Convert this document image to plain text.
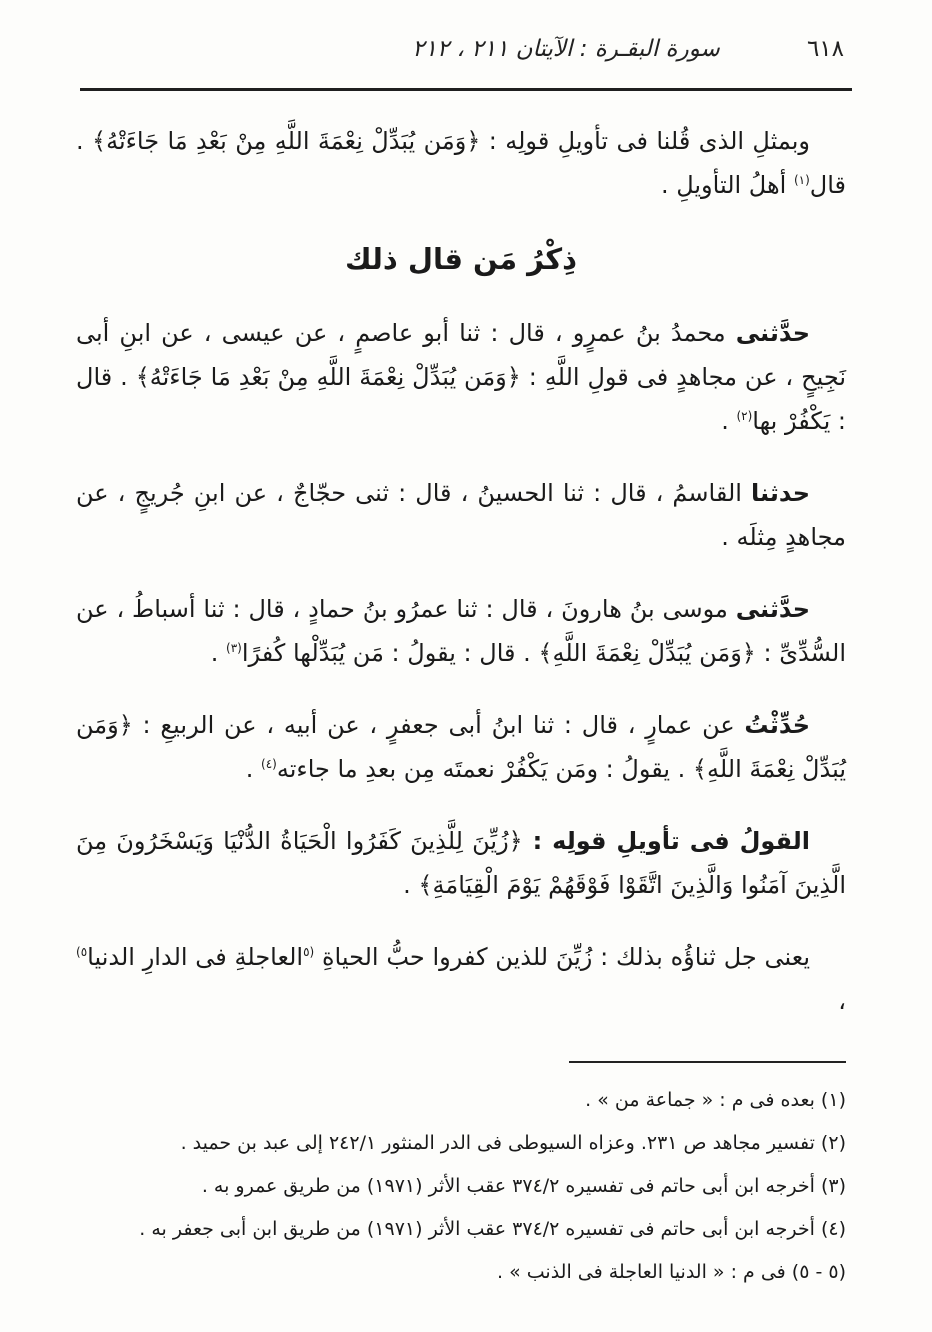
سورة البقـرة : الآيتان ٢١١ ، ٢١٢	٦١٨

وبمثلِ الذى قُلنا فى تأويلِ قولِه : ﴿وَمَن يُبَدِّلْ نِعْمَةَ اللَّهِ مِنْ بَعْدِ مَا جَاءَتْهُ﴾ . قال$^{(١)}$ أهلُ التأويلِ .

ذِكْرُ مَن قال ذلك

حدَّثنى محمدُ بنُ عمرٍو ، قال : ثنا أبو عاصمٍ ، عن عيسى ، عن ابنِ أبى نَجِيحٍ ، عن مجاهدٍ فى قولِ اللَّهِ : ﴿وَمَن يُبَدِّلْ نِعْمَةَ اللَّهِ مِنْ بَعْدِ مَا جَاءَتْهُ﴾ . قال : يَكْفُرْ بها$^{(٢)}$ .

حدثنا القاسمُ ، قال : ثنا الحسينُ ، قال : ثنى حجّاجٌ ، عن ابنِ جُريجٍ ، عن مجاهدٍ مِثلَه .

حدَّثنى موسى بنُ هارونَ ، قال : ثنا عمرُو بنُ حمادٍ ، قال : ثنا أسباطُ ، عن السُّدِّىِّ : ﴿وَمَن يُبَدِّلْ نِعْمَةَ اللَّهِ﴾ . قال : يقولُ : مَن يُبَدِّلْها كُفرًا$^{(٣)}$ .

حُدِّثْتُ عن عمارٍ ، قال : ثنا ابنُ أبى جعفرٍ ، عن أبيه ، عن الربيعِ : ﴿وَمَن يُبَدِّلْ نِعْمَةَ اللَّهِ﴾ . يقولُ : ومَن يَكْفُرْ نعمتَه مِن بعدِ ما جاءته$^{(٤)}$ .

القولُ فى تأويلِ قولِه : ﴿زُيِّنَ لِلَّذِينَ كَفَرُوا الْحَيَاةُ الدُّنْيَا وَيَسْخَرُونَ مِنَ الَّذِينَ آمَنُوا وَالَّذِينَ اتَّقَوْا فَوْقَهُمْ يَوْمَ الْقِيَامَةِ﴾ .

يعنى جل ثناؤُه بذلك : زُيِّنَ للذين كفروا حبُّ الحياةِ $^{(٥}$العاجلةِ فى الدارِ الدنيا$^{٥)}$ ،

(١) بعده فى م : « جماعة من » .

(٢) تفسير مجاهد ص ٢٣١. وعزاه السيوطى فى الدر المنثور ٢٤٢/١ إلى عبد بن حميد .

(٣) أخرجه ابن أبى حاتم فى تفسيره ٣٧٤/٢ عقب الأثر (١٩٧١) من طريق عمرو به .

(٤) أخرجه ابن أبى حاتم فى تفسيره ٣٧٤/٢ عقب الأثر (١٩٧١) من طريق ابن أبى جعفر به .

(٥ - ٥) فى م : « الدنيا العاجلة فى الذنب » .
